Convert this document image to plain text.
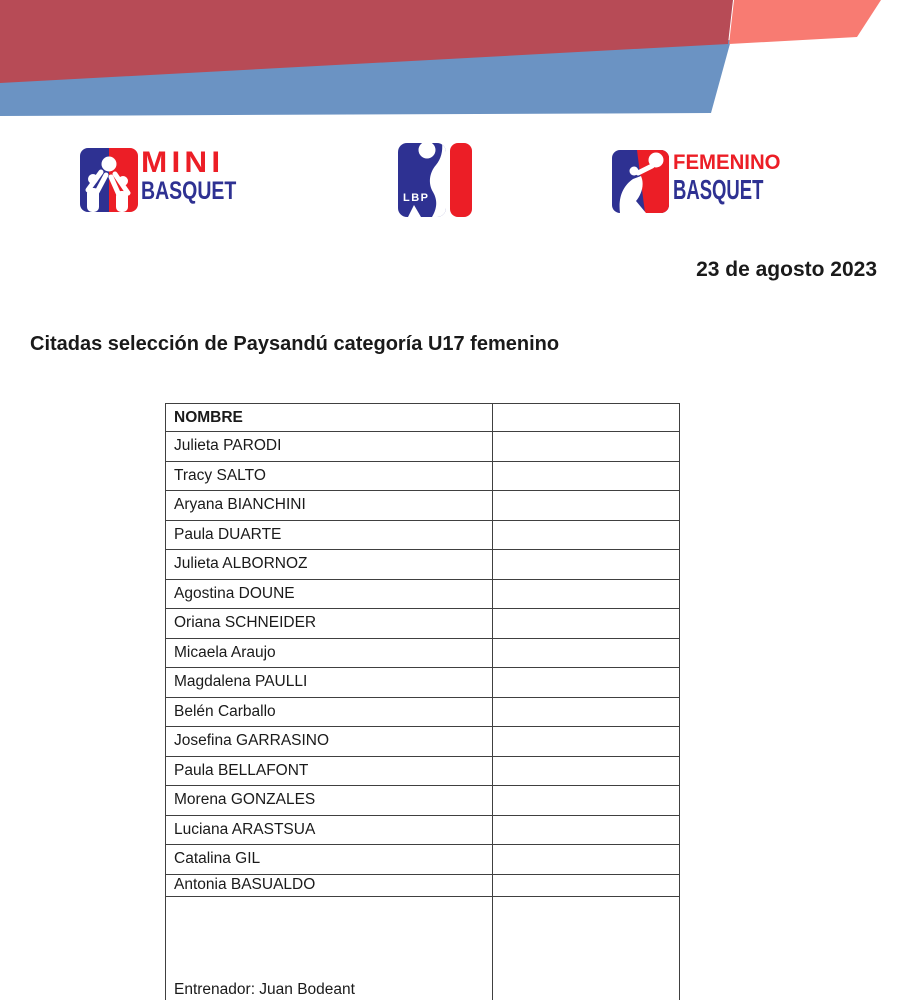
MINI
BASQUET	LBP
FEMENINO
BASQUET
23 de agosto 2023
Citadas selección de Paysandú categoría U17 femenino
NOMBRE	
Julieta PARODI	
Tracy SALTO	
Aryana BIANCHINI	
Paula DUARTE	
Julieta ALBORNOZ	
Agostina DOUNE	
Oriana SCHNEIDER	
Micaela Araujo	
Magdalena PAULLI	
Belén Carballo	
Josefina GARRASINO	
Paula BELLAFONT	
Morena GONZALES	
Luciana ARASTSUA	
Catalina GIL	
Antonia BASUALDO	
Entrenador: Juan Bodeant	
